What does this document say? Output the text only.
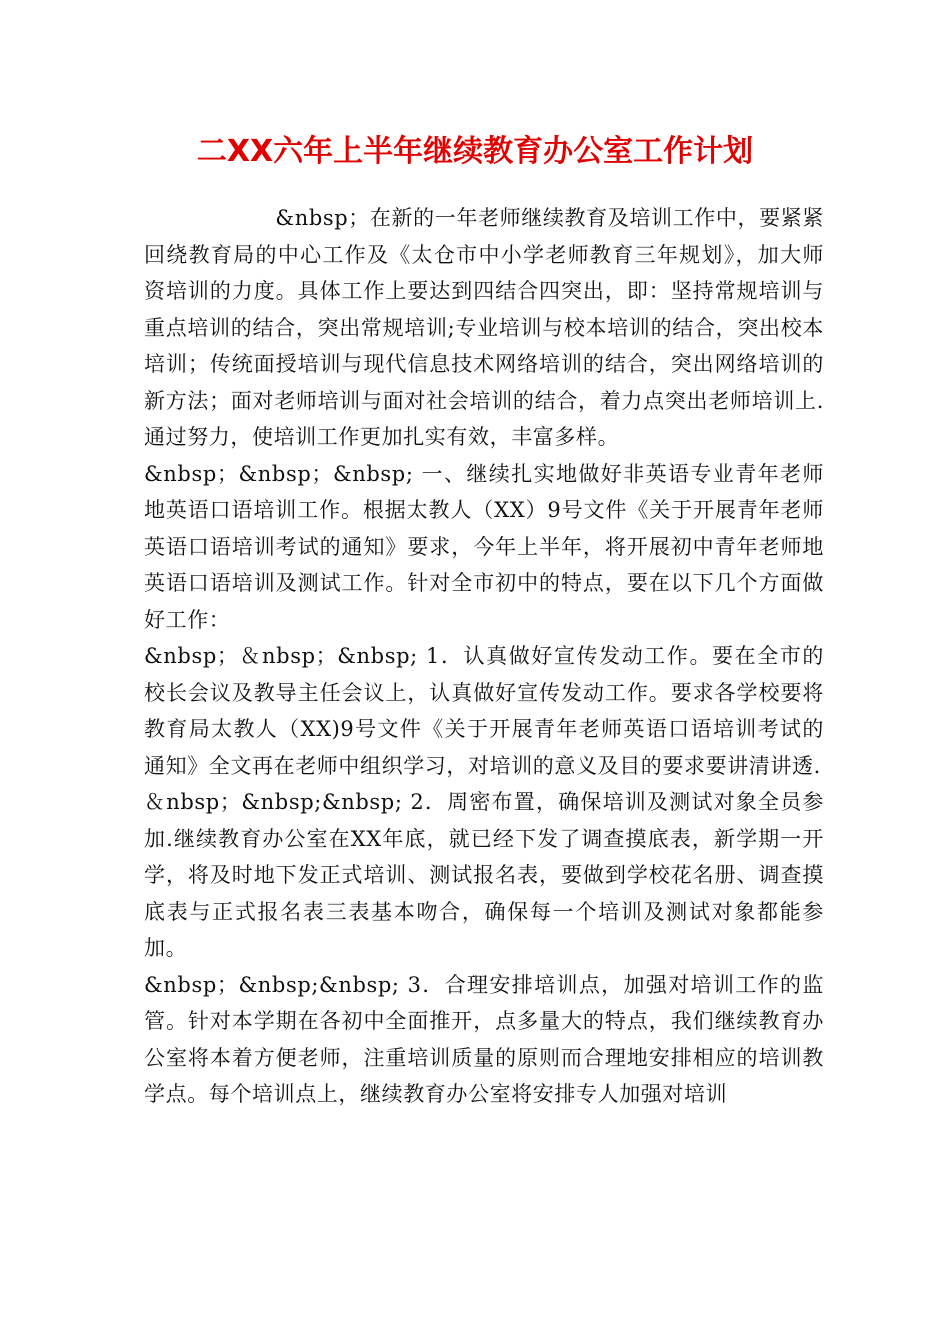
二XX六年上半年继续教育办公室工作计划

&nbsp；在新的一年老师继续教育及培训工作中，要紧紧回绕教育局的中心工作及《太仓市中小学老师教育三年规划》，加大师资培训的力度。具体工作上要达到四结合四突出，即：坚持常规培训与重点培训的结合，突出常规培训;专业培训与校本培训的结合，突出校本培训；传统面授培训与现代信息技术网络培训的结合，突出网络培训的新方法；面对老师培训与面对社会培训的结合，着力点突出老师培训上.通过努力，使培训工作更加扎实有效，丰富多样。

&nbsp；&nbsp；&nbsp; 一、继续扎实地做好非英语专业青年老师地英语口语培训工作。根据太教人（XX）9号文件《关于开展青年老师英语口语培训考试的通知》要求，今年上半年，将开展初中青年老师地英语口语培训及测试工作。针对全市初中的特点，要在以下几个方面做好工作：

&nbsp；＆nbsp；&nbsp; 1．认真做好宣传发动工作。要在全市的校长会议及教导主任会议上，认真做好宣传发动工作。要求各学校要将教育局太教人（XX)9号文件《关于开展青年老师英语口语培训考试的通知》全文再在老师中组织学习，对培训的意义及目的要求要讲清讲透.

＆nbsp；&nbsp;&nbsp; 2．周密布置，确保培训及测试对象全员参加.继续教育办公室在XX年底，就已经下发了调查摸底表，新学期一开学，将及时地下发正式培训、测试报名表，要做到学校花名册、调查摸底表与正式报名表三表基本吻合，确保每一个培训及测试对象都能参加。

&nbsp；&nbsp;&nbsp; 3．合理安排培训点，加强对培训工作的监管。针对本学期在各初中全面推开，点多量大的特点，我们继续教育办公室将本着方便老师，注重培训质量的原则而合理地安排相应的培训教学点。每个培训点上，继续教育办公室将安排专人加强对培训
